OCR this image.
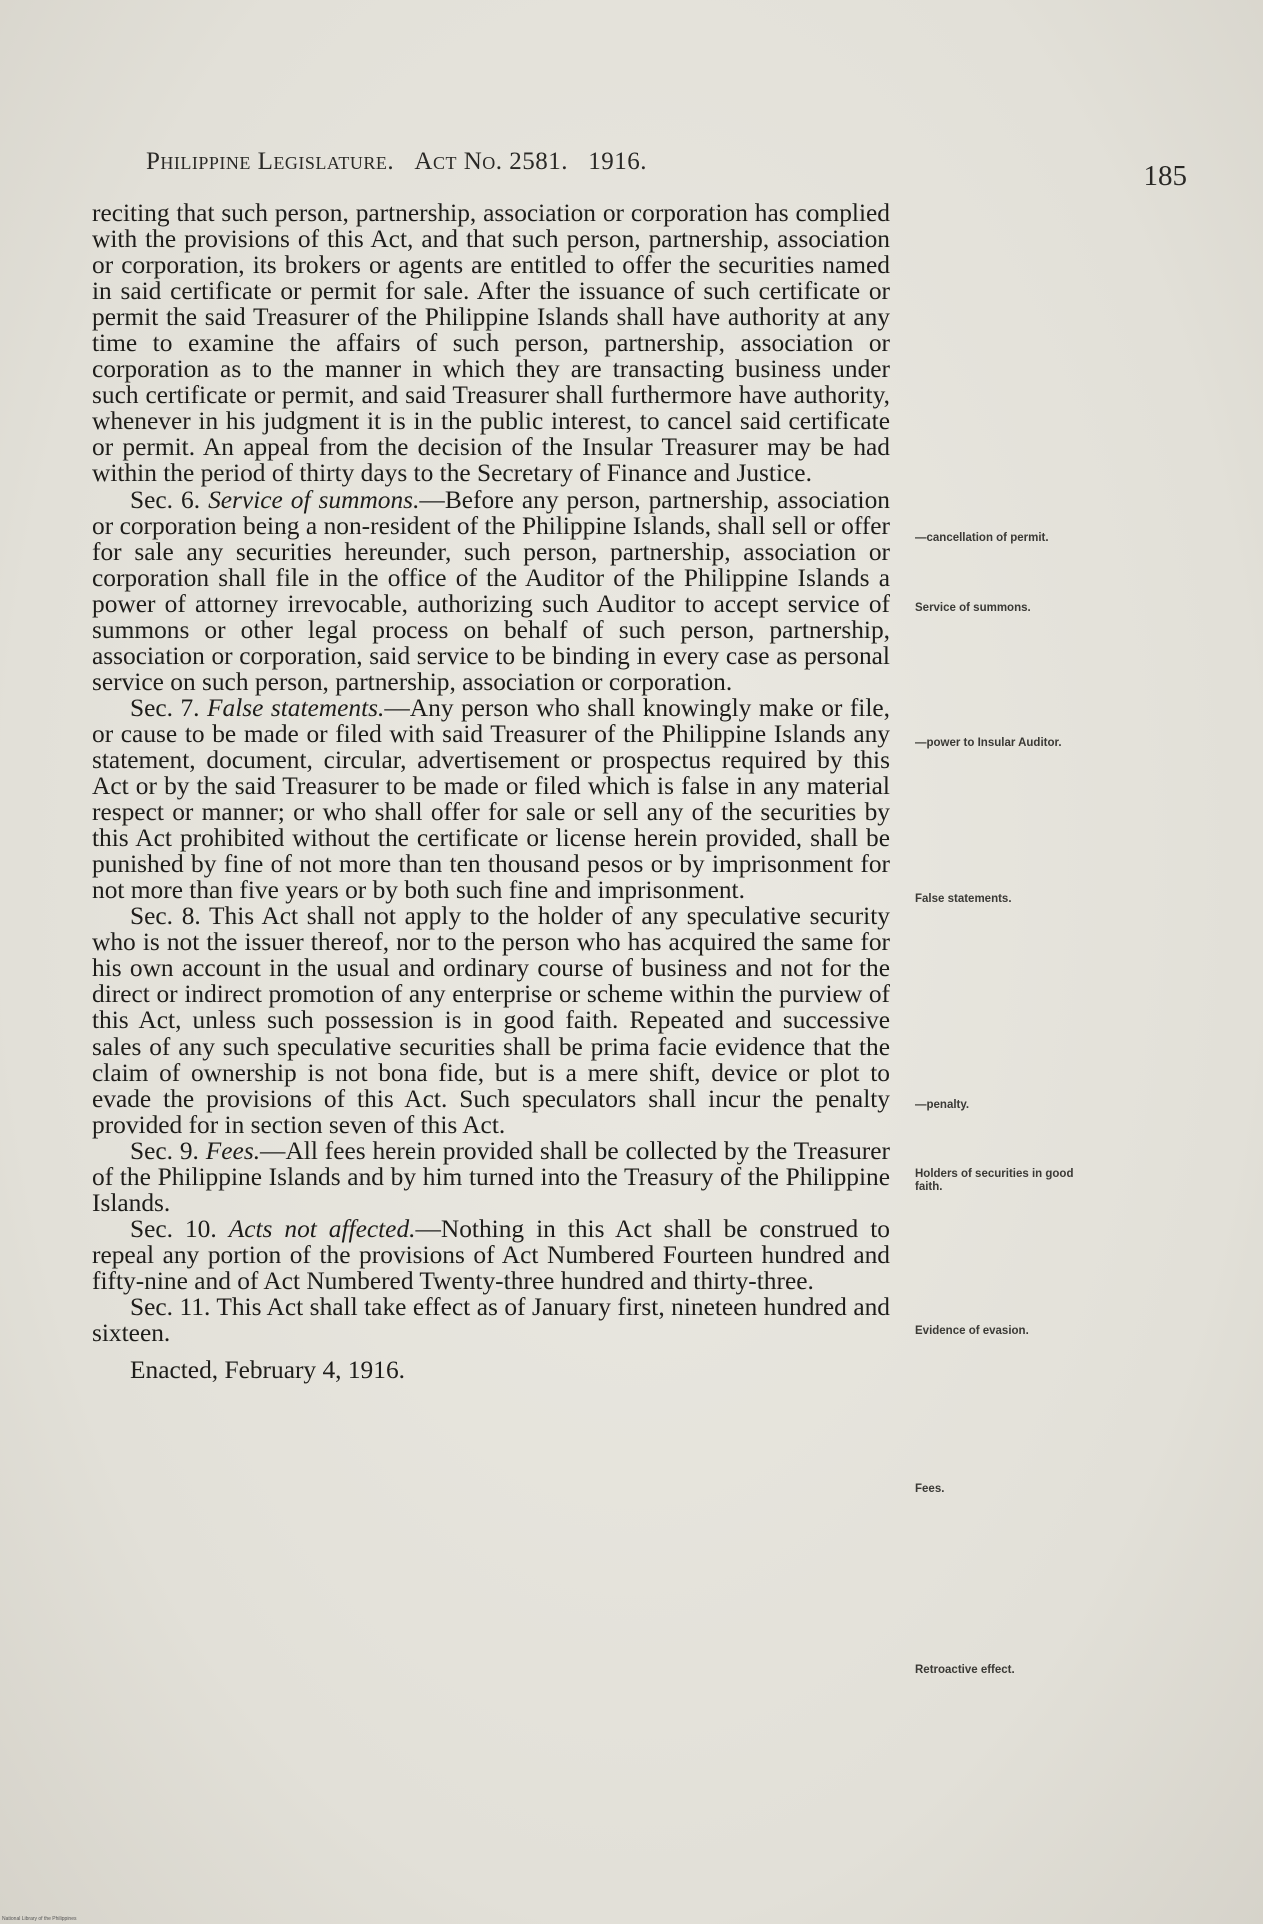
Philippine Legislature. Act No. 2581. 1916.	185

reciting that such person, partnership, association or corporation has complied with the provisions of this Act, and that such person, partnership, association or corporation, its brokers or agents are entitled to offer the securities named in said certificate or permit for sale. After the issuance of such certificate or permit the said Treasurer of the Philippine Islands shall have authority at any time to examine the affairs of such person, partnership, association or corporation as to the manner in which they are transacting business under such certificate or permit, and said Treasurer shall furthermore have authority, whenever in his judgment it is in the public interest, to cancel said certificate or permit. An appeal from the decision of the Insular Treasurer may be had within the period of thirty days to the Secretary of Finance and Justice.

Sec. 6. Service of summons.—Before any person, partnership, association or corporation being a non-resident of the Philippine Islands, shall sell or offer for sale any securities hereunder, such person, partnership, association or corporation shall file in the office of the Auditor of the Philippine Islands a power of attorney irrevocable, authorizing such Auditor to accept service of summons or other legal process on behalf of such person, partnership, association or corporation, said service to be binding in every case as personal service on such person, partnership, association or corporation.

Sec. 7. False statements.—Any person who shall knowingly make or file, or cause to be made or filed with said Treasurer of the Philippine Islands any statement, document, circular, advertisement or prospectus required by this Act or by the said Treasurer to be made or filed which is false in any material respect or manner; or who shall offer for sale or sell any of the securities by this Act prohibited without the certificate or license herein provided, shall be punished by fine of not more than ten thousand pesos or by imprisonment for not more than five years or by both such fine and imprisonment.

Sec. 8. This Act shall not apply to the holder of any speculative security who is not the issuer thereof, nor to the person who has acquired the same for his own account in the usual and ordinary course of business and not for the direct or indirect promotion of any enterprise or scheme within the purview of this Act, unless such possession is in good faith. Repeated and successive sales of any such speculative securities shall be prima facie evidence that the claim of ownership is not bona fide, but is a mere shift, device or plot to evade the provisions of this Act. Such speculators shall incur the penalty provided for in section seven of this Act.

Sec. 9. Fees.—All fees herein provided shall be collected by the Treasurer of the Philippine Islands and by him turned into the Treasury of the Philippine Islands.

Sec. 10. Acts not affected.—Nothing in this Act shall be construed to repeal any portion of the provisions of Act Numbered Fourteen hundred and fifty-nine and of Act Numbered Twenty-three hundred and thirty-three.

Sec. 11. This Act shall take effect as of January first, nineteen hundred and sixteen.

Enacted, February 4, 1916.

—cancellation of permit.
Service of summons.
—power to Insular Auditor.
False statements.
—penalty.
Holders of securities in good faith.
Evidence of evasion.
Fees.
Retroactive effect.
National Library of the Philippines
